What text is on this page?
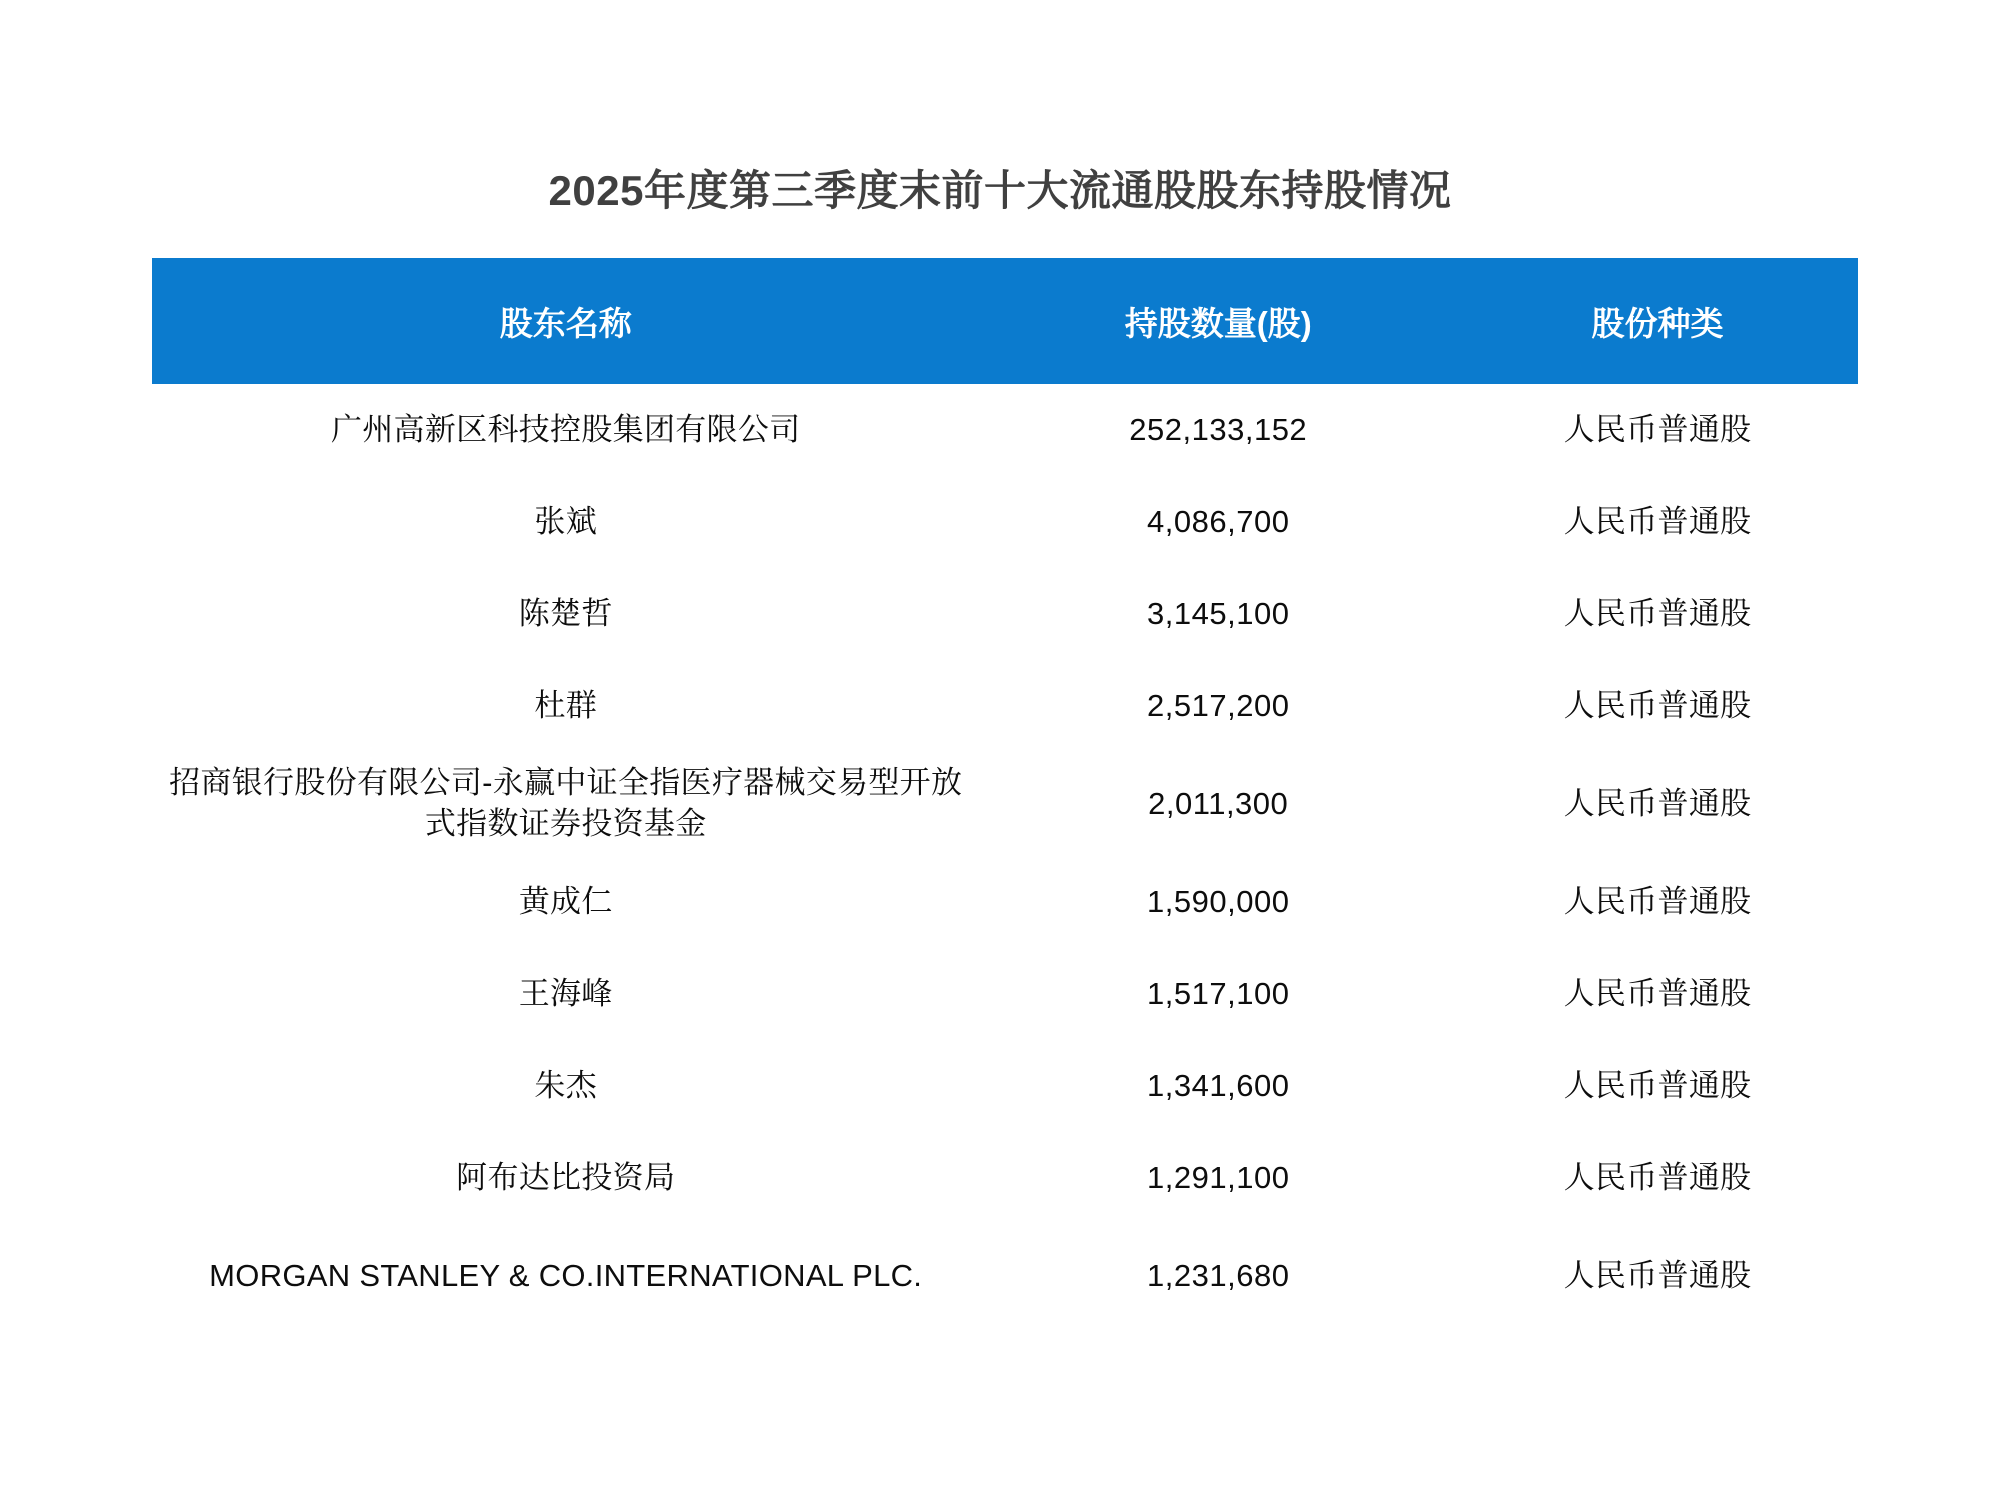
2025年度第三季度末前十大流通股股东持股情况
股东名称	持股数量(股)	股份种类
广州高新区科技控股集团有限公司	252,133,152	人民币普通股
张斌	4,086,700	人民币普通股
陈楚哲	3,145,100	人民币普通股
杜群	2,517,200	人民币普通股
招商银行股份有限公司-永赢中证全指医疗器械交易型开放式指数证券投资基金	2,011,300	人民币普通股
黄成仁	1,590,000	人民币普通股
王海峰	1,517,100	人民币普通股
朱杰	1,341,600	人民币普通股
阿布达比投资局	1,291,100	人民币普通股
MORGAN STANLEY & CO.INTERNATIONAL PLC.	1,231,680	人民币普通股
